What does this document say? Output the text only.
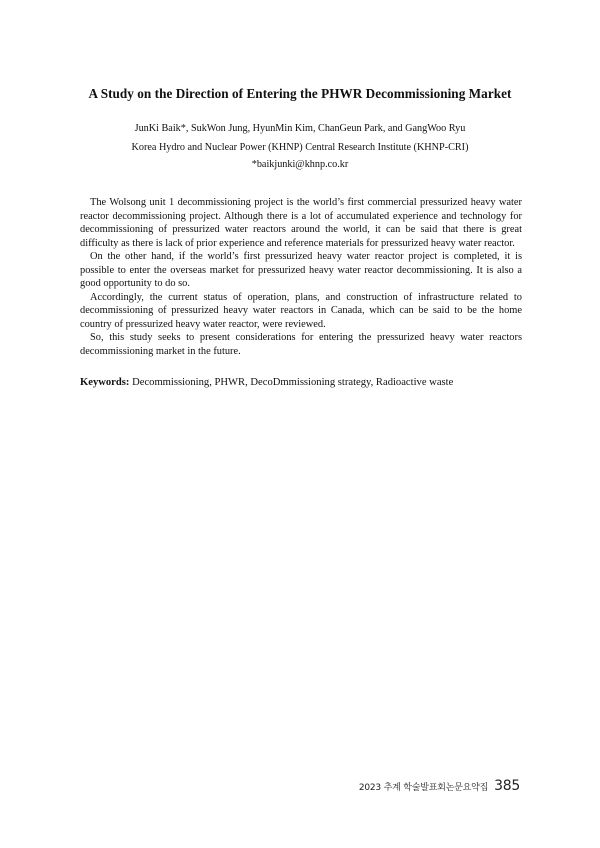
A Study on the Direction of Entering the PHWR Decommissioning Market
JunKi Baik*, SukWon Jung, HyunMin Kim, ChanGeun Park, and GangWoo Ryu
Korea Hydro and Nuclear Power (KHNP) Central Research Institute (KHNP-CRI)
*baikjunki@khnp.co.kr

The Wolsong unit 1 decommissioning project is the world’s first commercial pressurized heavy water reactor decommissioning project. Although there is a lot of accumulated experience and technology for decommissioning of pressurized water reactors around the world, it can be said that there is great difficulty as there is lack of prior experience and reference materials for pressurized heavy water reactor.

On the other hand, if the world’s first pressurized heavy water reactor project is completed, it is possible to enter the overseas market for pressurized heavy water reactor decommissioning. It is also a good opportunity to do so.

Accordingly, the current status of operation, plans, and construction of infrastructure related to decommissioning of pressurized heavy water reactors in Canada, which can be said to be the home country of pressurized heavy water reactor, were reviewed.

So, this study seeks to present considerations for entering the pressurized heavy water reactors decommissioning market in the future.

Keywords: Decommissioning, PHWR, DecoDmmissioning strategy, Radioactive waste
2023 추계 학술발표회논문요약집 385
